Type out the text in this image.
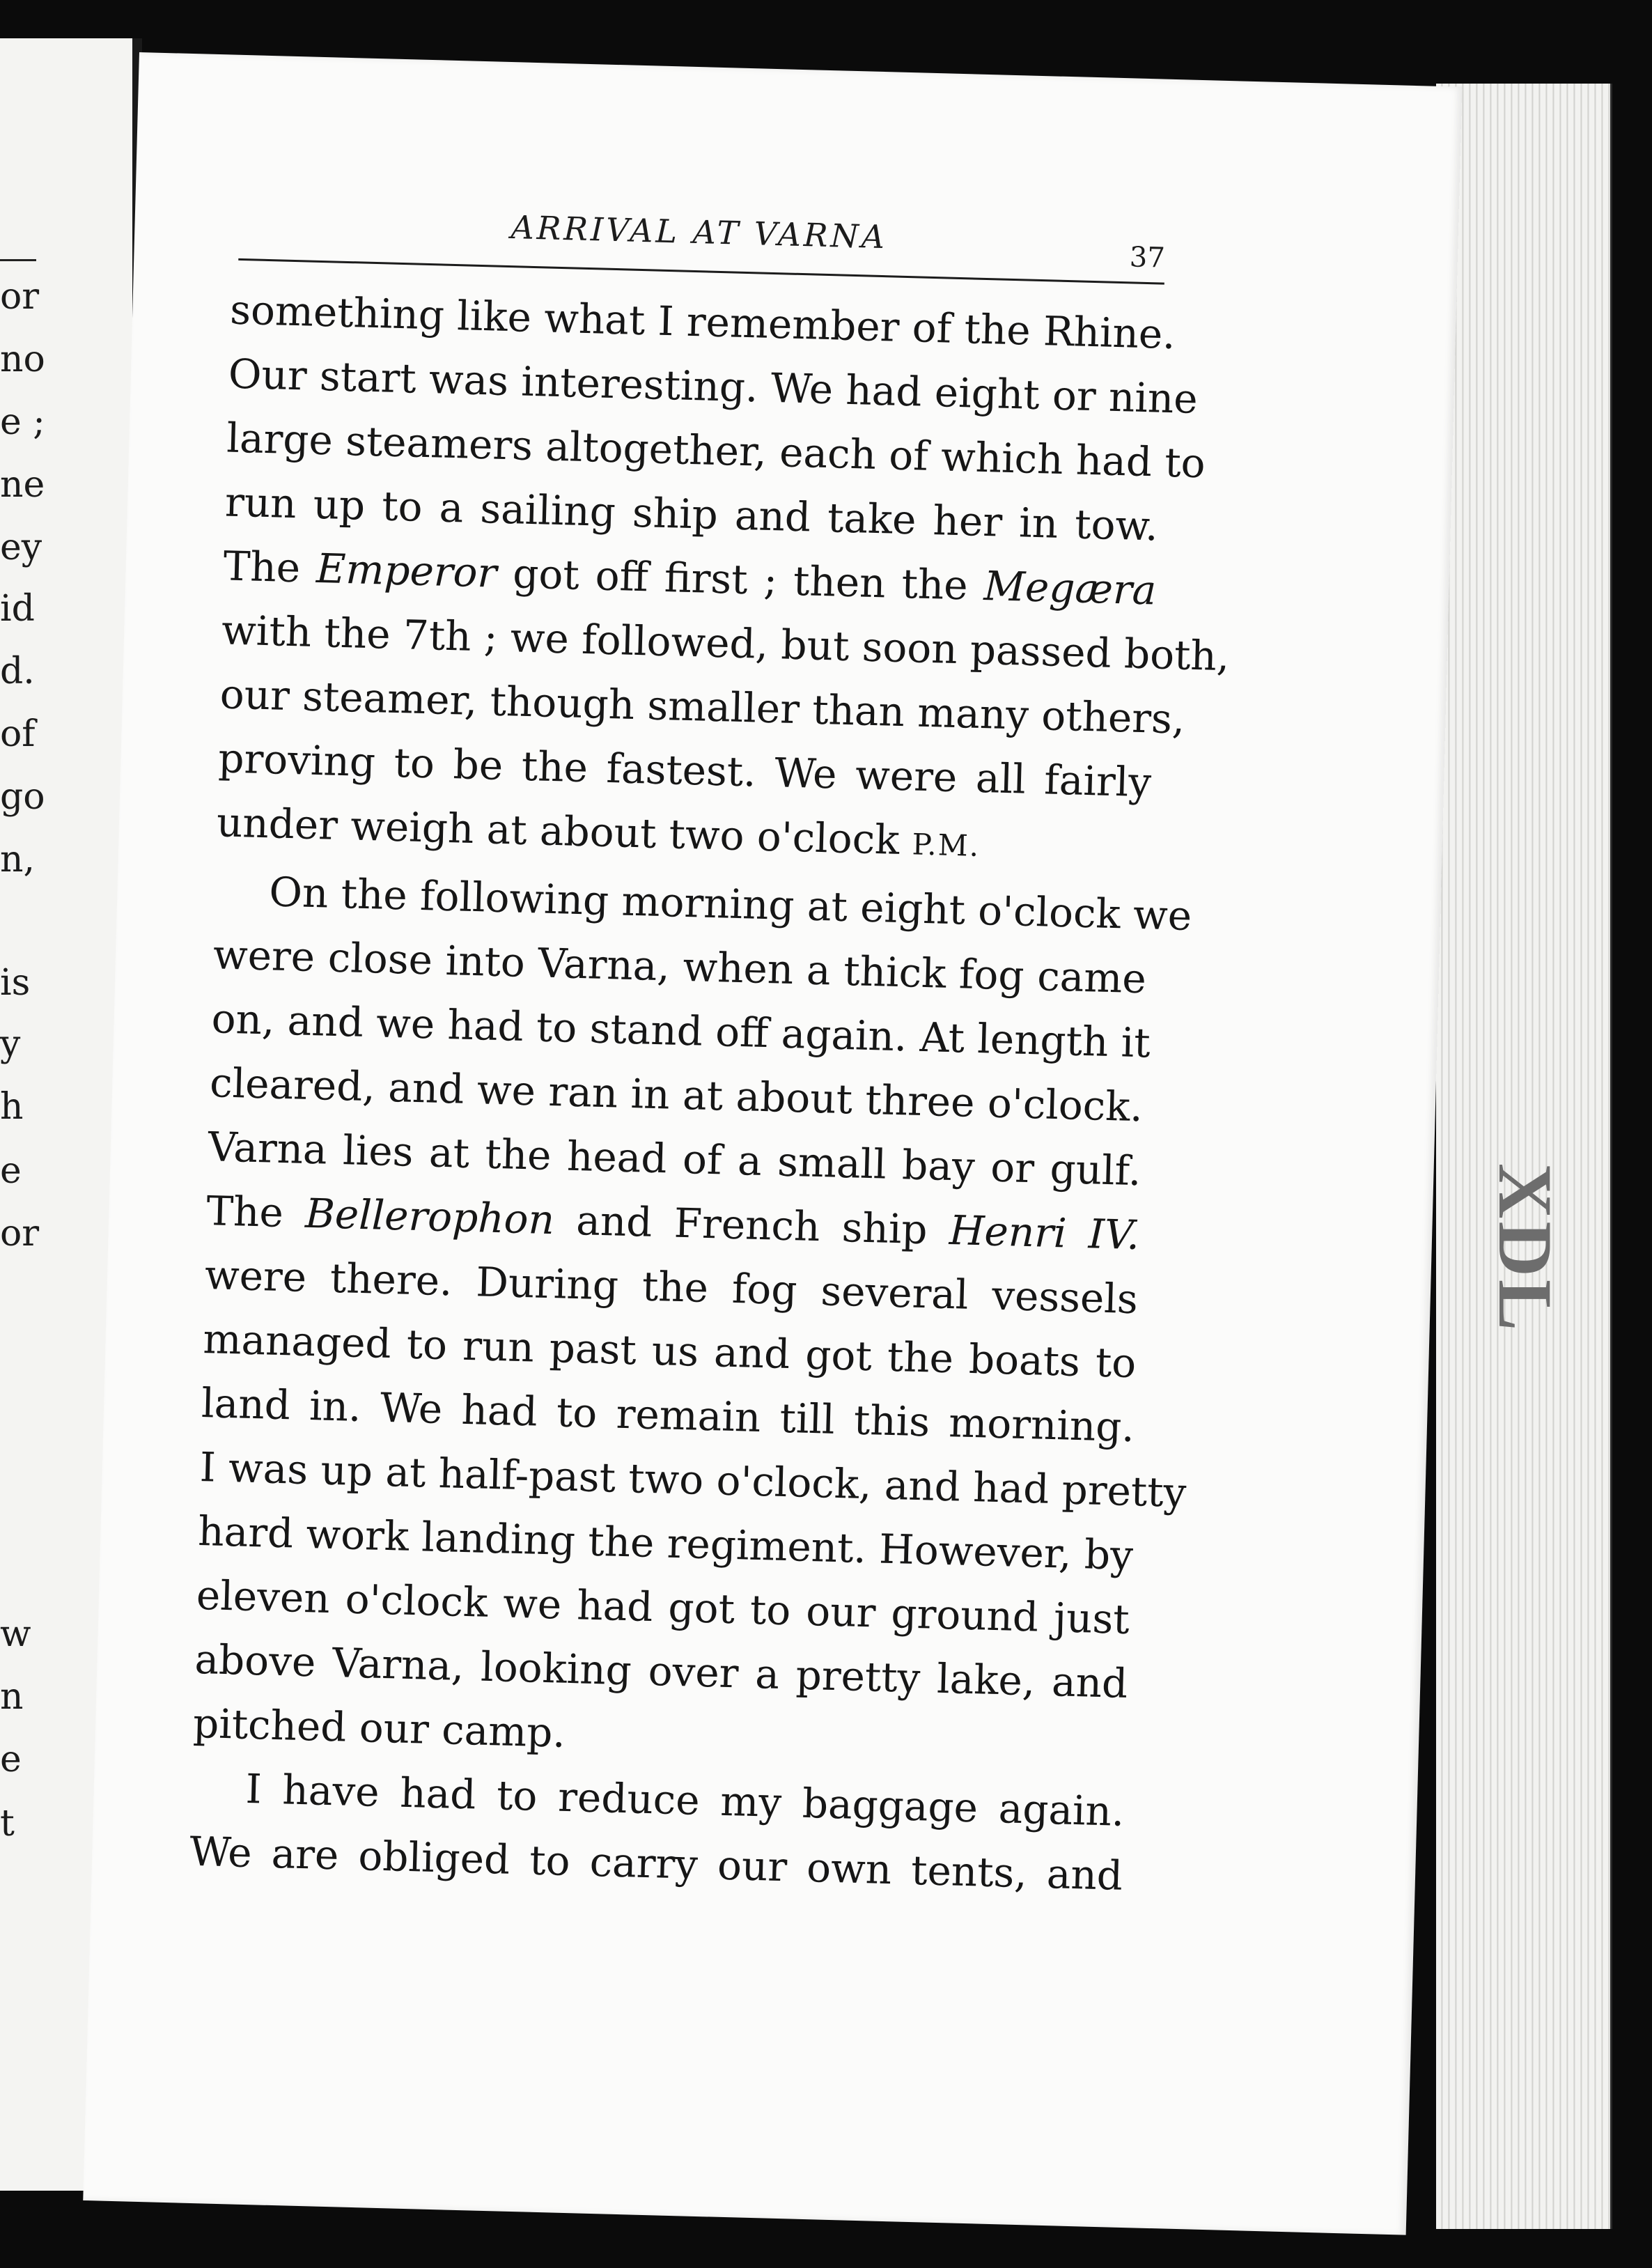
or
no
e ;
ne
ey
id
d.
of
go
n,
is
y
h
e
or
w
n
e
t
ARRIVAL AT VARNA
37
something like what I remember of the Rhine.
Our start was interesting. We had eight or nine
large steamers altogether, each of which had to
run up to a sailing ship and take her in tow.
The Emperor got off first ; then the Megæra
with the 7th ; we followed, but soon passed both,
our steamer, though smaller than many others,
proving to be the fastest. We were all fairly
under weigh at about two o'clock P.M.
On the following morning at eight o'clock we
were close into Varna, when a thick fog came
on, and we had to stand off again. At length it
cleared, and we ran in at about three o'clock.
Varna lies at the head of a small bay or gulf.
The Bellerophon and French ship Henri IV.
were there. During the fog several vessels
managed to run past us and got the boats to
land in. We had to remain till this morning.
I was up at half-past two o'clock, and had pretty
hard work landing the regiment. However, by
eleven o'clock we had got to our ground just
above Varna, looking over a pretty lake, and
pitched our camp.
I have had to reduce my baggage again.
We are obliged to carry our own tents, and
